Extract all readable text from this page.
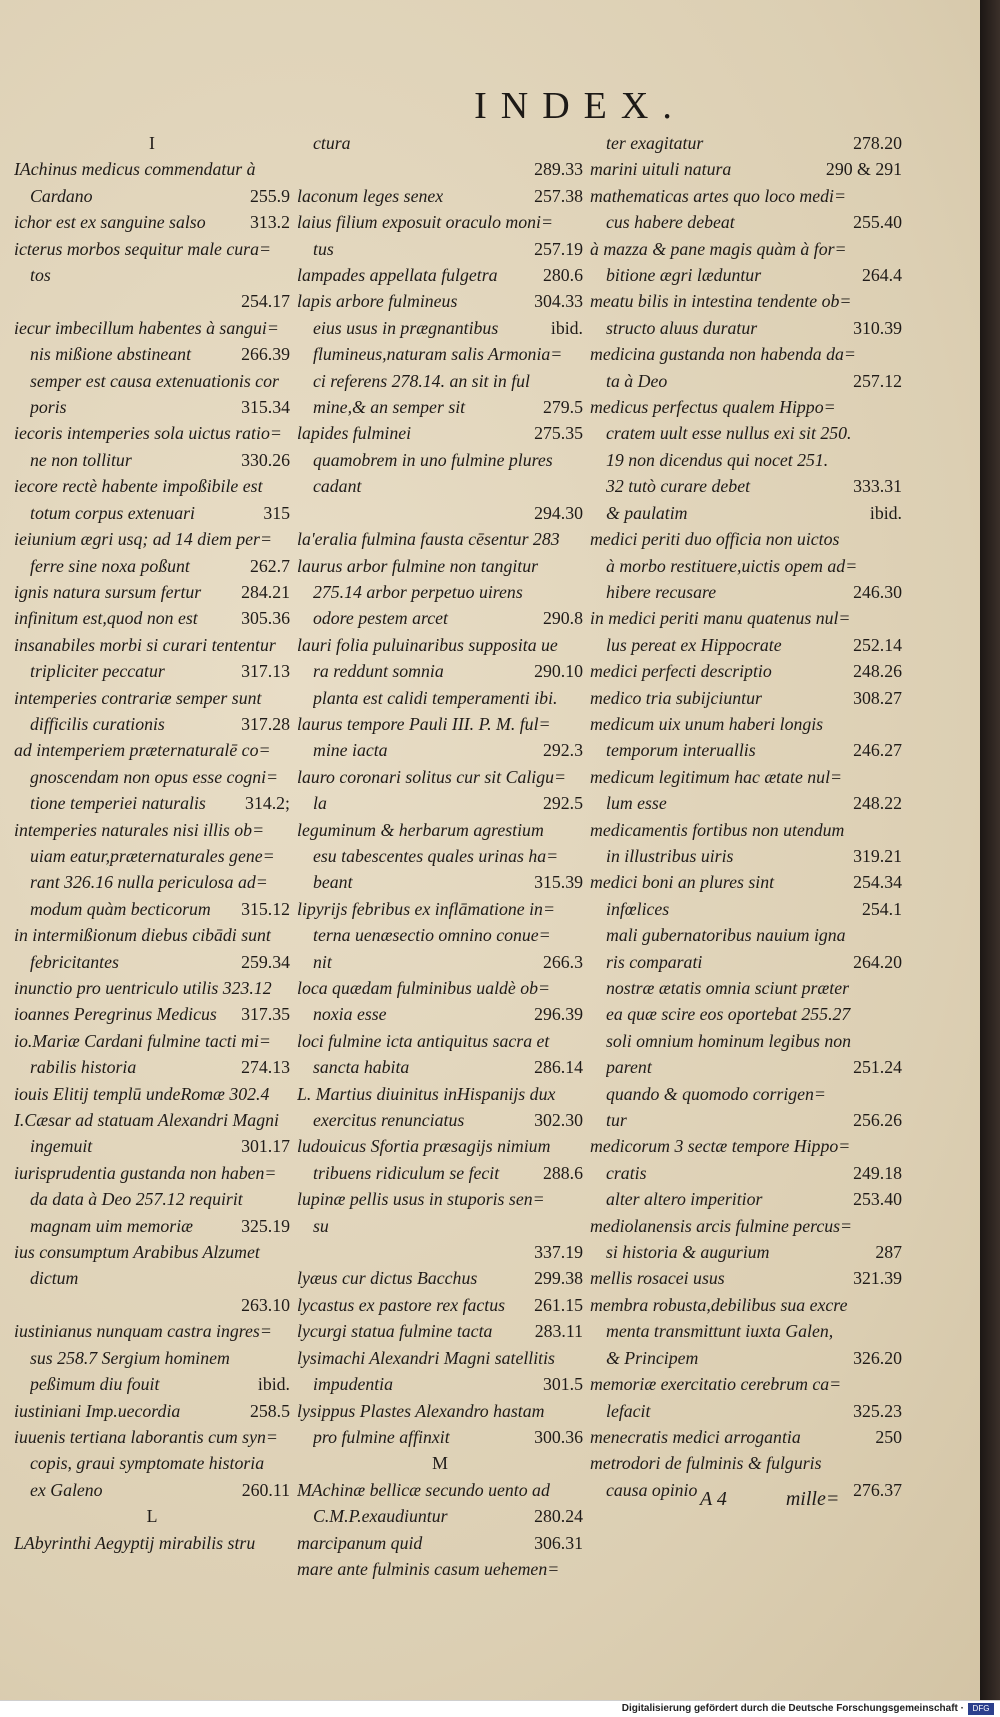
INDEX.
I
IAchinus medicus commendatur à
Cardano	255.9
ichor est ex sanguine salso	313.2
icterus morbos sequitur male cura=
tos
254.17
iecur imbecillum habentes à sangui=
nis mißione abstineant	266.39
semper est causa extenuationis cor
poris	315.34
iecoris intemperies sola uictus ratio=
ne non tollitur	330.26
iecore rectè habente impoßibile est
totum corpus extenuari	315
ieiunium ægri usq; ad 14 diem per=
ferre sine noxa poßunt	262.7
ignis natura sursum fertur	284.21
infinitum est,quod non est	305.36
insanabiles morbi si curari tententur
tripliciter peccatur	317.13
intemperies contrariæ semper sunt
difficilis curationis	317.28
ad intemperiem præternaturalē co=
gnoscendam non opus esse cogni=
tione temperiei naturalis	314.2;
intemperies naturales nisi illis ob=
uiam eatur,præternaturales gene=
rant 326.16 nulla periculosa ad=
modum quàm becticorum	315.12
in intermißionum diebus cibādi sunt
febricitantes	259.34
inunctio pro uentriculo utilis 323.12
ioannes Peregrinus Medicus	317.35
io.Mariæ Cardani fulmine tacti mi=
rabilis historia	274.13
iouis Elitij templū undeRomæ 302.4
I.Cæsar ad statuam Alexandri Magni
ingemuit	301.17
iurisprudentia gustanda non haben=
da data à Deo 257.12 requirit
magnam uim memoriæ	325.19
ius consumptum Arabibus Alzumet
dictum
263.10
iustinianus nunquam castra ingres=
sus 258.7 Sergium hominem
peßimum diu fouit	ibid.
iustiniani Imp.uecordia	258.5
iuuenis tertiana laborantis cum syn=
copis, graui symptomate historia
ex Galeno	260.11
L
LAbyrinthi Aegyptij mirabilis stru
ctura
289.33
laconum leges senex	257.38
laius filium exposuit oraculo moni=
tus	257.19
lampades appellata fulgetra	280.6
lapis arbore fulmineus	304.33
eius usus in prægnantibus	ibid.
flumineus,naturam salis Armonia=
ci referens 278.14. an sit in ful
mine,& an semper sit	279.5
lapides fulminei	275.35
quamobrem in uno fulmine plures
cadant
294.30
la'eralia fulmina fausta cēsentur 283
laurus arbor fulmine non tangitur
275.14 arbor perpetuo uirens
odore pestem arcet	290.8
lauri folia puluinaribus supposita ue
ra reddunt somnia	290.10
planta est calidi temperamenti ibi.
laurus tempore Pauli III. P. M. ful=
mine iacta	292.3
lauro coronari solitus cur sit Caligu=
la	292.5
leguminum & herbarum agrestium
esu tabescentes quales urinas ha=
beant	315.39
lipyrijs febribus ex inflāmatione in=
terna uenæsectio omnino conue=
nit	266.3
loca quædam fulminibus ualdè ob=
noxia esse	296.39
loci fulmine icta antiquitus sacra et
sancta habita	286.14
L. Martius diuinitus inHispanijs dux
exercitus renunciatus	302.30
ludouicus Sfortia præsagijs nimium
tribuens ridiculum se fecit	288.6
lupinæ pellis usus in stuporis sen=
su
337.19
lyæus cur dictus Bacchus	299.38
lycastus ex pastore rex factus	261.15
lycurgi statua fulmine tacta	283.11
lysimachi Alexandri Magni satellitis
impudentia	301.5
lysippus Plastes Alexandro hastam
pro fulmine affinxit	300.36
M
MAchinæ bellicæ secundo uento ad
C.M.P.exaudiuntur	280.24
marcipanum quid	306.31
mare ante fulminis casum uehemen=
ter exagitatur	278.20
marini uituli natura	290 & 291
mathematicas artes quo loco medi=
cus habere debeat	255.40
à mazza & pane magis quàm à for=
bitione ægri læduntur	264.4
meatu bilis in intestina tendente ob=
structo aluus duratur	310.39
medicina gustanda non habenda da=
ta à Deo	257.12
medicus perfectus qualem Hippo=
cratem uult esse nullus exi sit 250.
19 non dicendus qui nocet 251.
32 tutò curare debet	333.31
& paulatim	ibid.
medici periti duo officia non uictos
à morbo restituere,uictis opem ad=
hibere recusare	246.30
in medici periti manu quatenus nul=
lus pereat ex Hippocrate	252.14
medici perfecti descriptio	248.26
medico tria subijciuntur	308.27
medicum uix unum haberi longis
temporum interuallis	246.27
medicum legitimum hac ætate nul=
lum esse	248.22
medicamentis fortibus non utendum
in illustribus uiris	319.21
medici boni an plures sint	254.34
infœlices	254.1
mali gubernatoribus nauium igna
ris comparati	264.20
nostræ ætatis omnia sciunt præter
ea quæ scire eos oportebat 255.27
soli omnium hominum legibus non
parent	251.24
quando & quomodo corrigen=
tur	256.26
medicorum 3 sectæ tempore Hippo=
cratis	249.18
alter altero imperitior	253.40
mediolanensis arcis fulmine percus=
si historia & augurium	287
mellis rosacei usus	321.39
membra robusta,debilibus sua excre
menta transmittunt iuxta Galen,
& Principem	326.20
memoriæ exercitatio cerebrum ca=
lefacit	325.23
menecratis medici arrogantia	250
metrodori de fulminis & fulguris
causa opinio	276.37
A 4	mille=
Digitalisierung gefördert durch die Deutsche Forschungsgemeinschaft ·	DFG
